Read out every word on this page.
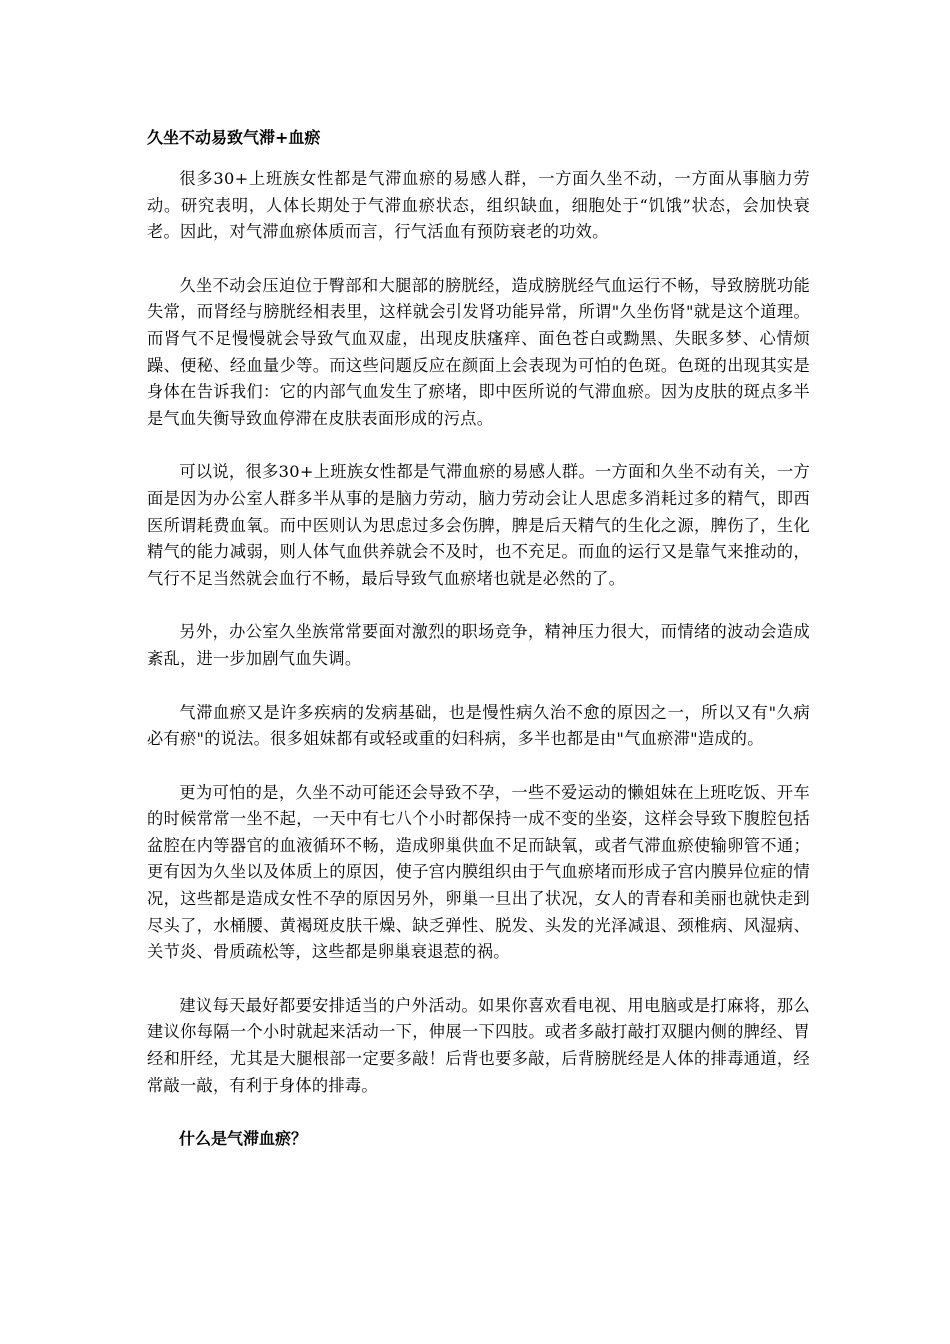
久坐不动易致气滞+血瘀

很多30+上班族女性都是气滞血瘀的易感人群，一方面久坐不动，一方面从事脑力劳动。研究表明，人体长期处于气滞血瘀状态，组织缺血，细胞处于“饥饿”状态，会加快衰老。因此，对气滞血瘀体质而言，行气活血有预防衰老的功效。

久坐不动会压迫位于臀部和大腿部的膀胱经，造成膀胱经气血运行不畅，导致膀胱功能失常，而肾经与膀胱经相表里，这样就会引发肾功能异常，所谓"久坐伤肾"就是这个道理。而肾气不足慢慢就会导致气血双虚，出现皮肤瘙痒、面色苍白或黝黑、失眠多梦、心情烦躁、便秘、经血量少等。而这些问题反应在颜面上会表现为可怕的色斑。色斑的出现其实是身体在告诉我们：它的内部气血发生了瘀堵，即中医所说的气滞血瘀。因为皮肤的斑点多半是气血失衡导致血停滞在皮肤表面形成的污点。

可以说，很多30+上班族女性都是气滞血瘀的易感人群。一方面和久坐不动有关，一方面是因为办公室人群多半从事的是脑力劳动，脑力劳动会让人思虑多消耗过多的精气，即西医所谓耗费血氧。而中医则认为思虑过多会伤脾，脾是后天精气的生化之源，脾伤了，生化精气的能力减弱，则人体气血供养就会不及时，也不充足。而血的运行又是靠气来推动的，气行不足当然就会血行不畅，最后导致气血瘀堵也就是必然的了。

另外，办公室久坐族常常要面对激烈的职场竞争，精神压力很大，而情绪的波动会造成紊乱，进一步加剧气血失调。

气滞血瘀又是许多疾病的发病基础，也是慢性病久治不愈的原因之一，所以又有"久病必有瘀"的说法。很多姐妹都有或轻或重的妇科病，多半也都是由"气血瘀滞"造成的。

更为可怕的是，久坐不动可能还会导致不孕，一些不爱运动的懒姐妹在上班吃饭、开车的时候常常一坐不起，一天中有七八个小时都保持一成不变的坐姿，这样会导致下腹腔包括盆腔在内等器官的血液循环不畅，造成卵巢供血不足而缺氧，或者气滞血瘀使输卵管不通；更有因为久坐以及体质上的原因，使子宫内膜组织由于气血瘀堵而形成子宫内膜异位症的情况，这些都是造成女性不孕的原因另外，卵巢一旦出了状况，女人的青春和美丽也就快走到尽头了，水桶腰、黄褐斑皮肤干燥、缺乏弹性、脱发、头发的光泽减退、颈椎病、风湿病、关节炎、骨质疏松等，这些都是卵巢衰退惹的祸。

建议每天最好都要安排适当的户外活动。如果你喜欢看电视、用电脑或是打麻将，那么建议你每隔一个小时就起来活动一下，伸展一下四肢。或者多敲打敲打双腿内侧的脾经、胃经和肝经，尤其是大腿根部一定要多敲！后背也要多敲，后背膀胱经是人体的排毒通道，经常敲一敲，有利于身体的排毒。

什么是气滞血瘀？
